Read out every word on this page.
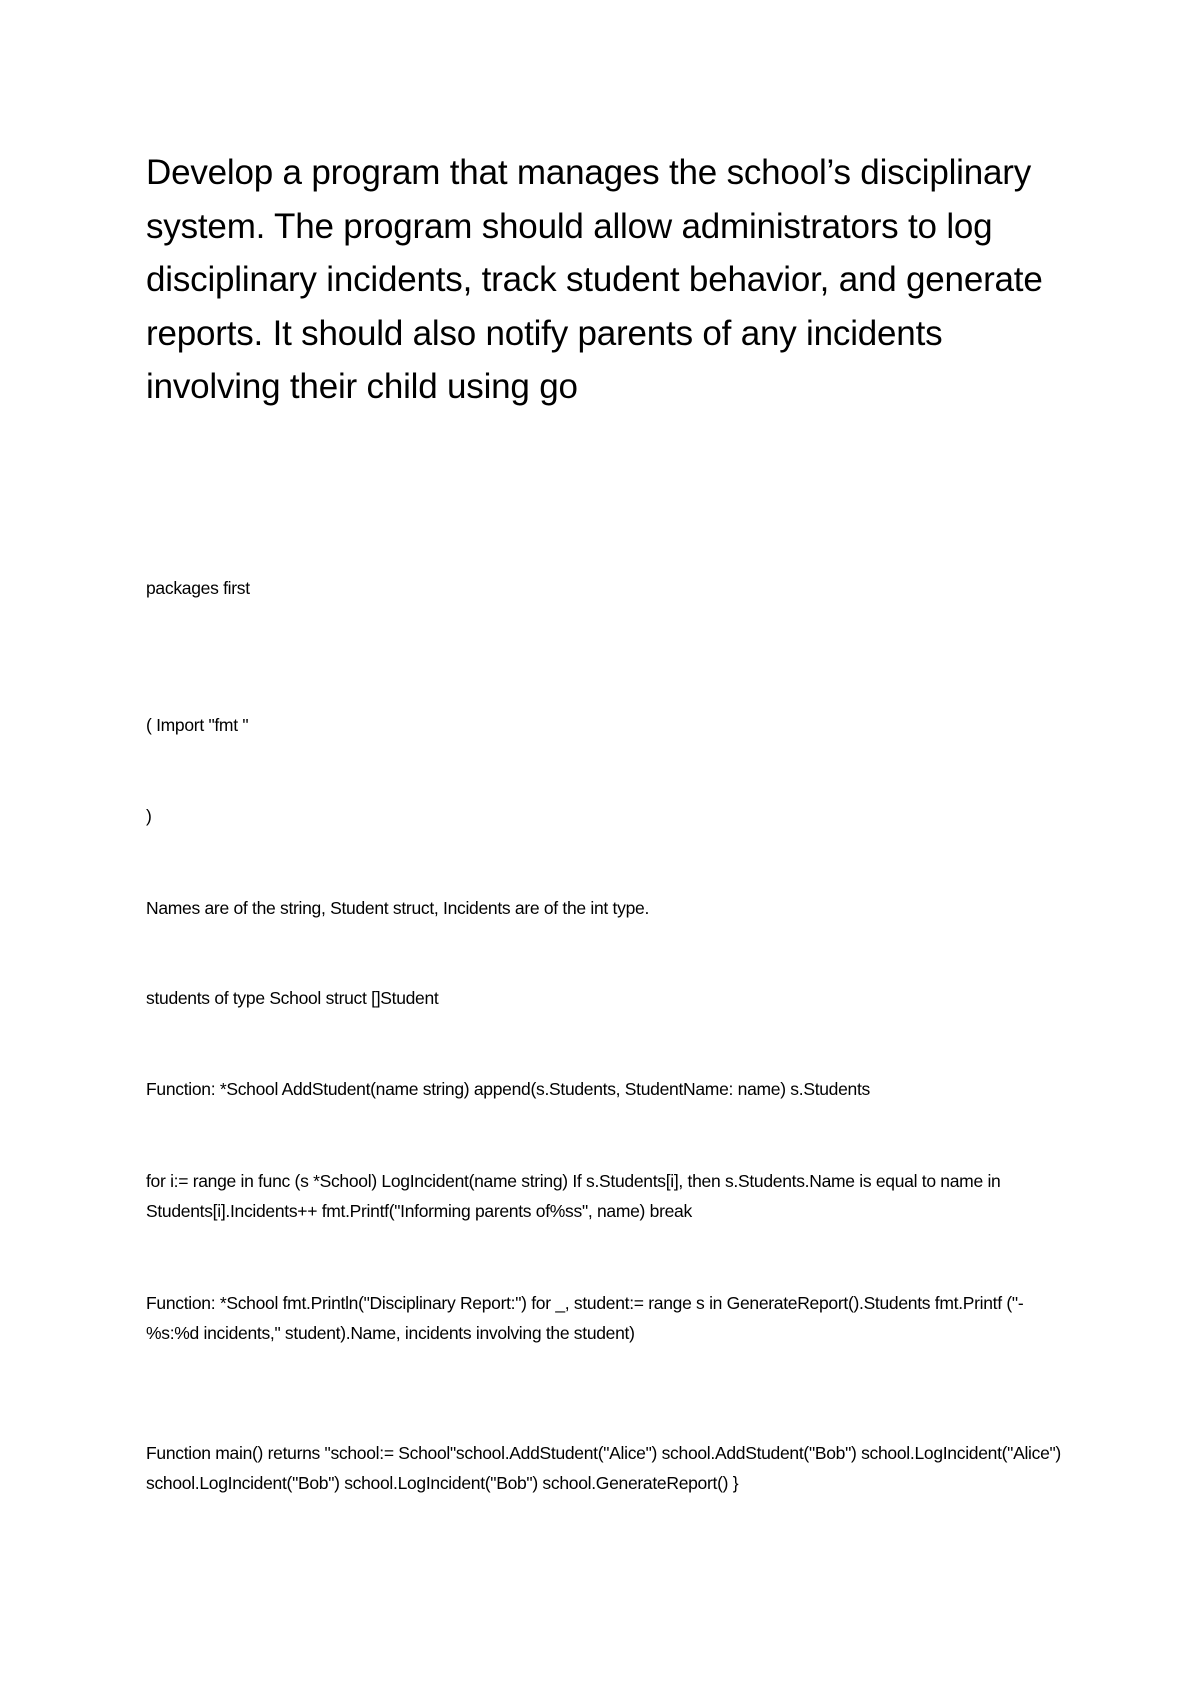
Develop a program that manages the school’s disciplinary system. The program should allow administrators to log disciplinary incidents, track student behavior, and generate reports. It should also notify parents of any incidents involving their child using go

packages first

( Import "fmt "

)

Names are of the string, Student struct, Incidents are of the int type.

students of type School struct []Student

Function: *School AddStudent(name string) append(s.Students, StudentName: name) s.Students

for i:= range in func (s *School) LogIncident(name string) If s.Students[i], then s.Students.Name is equal to name in Students[i].Incidents++ fmt.Printf("Informing parents of%ss", name) break

Function: *School fmt.Println("Disciplinary Report:") for _, student:= range s in GenerateReport().Students fmt.Printf ("-%s:%d incidents," student).Name, incidents involving the student)

Function main() returns "school:= School"school.AddStudent("Alice") school.AddStudent("Bob") school.LogIncident("Alice") school.LogIncident("Bob") school.LogIncident("Bob") school.GenerateReport() }
